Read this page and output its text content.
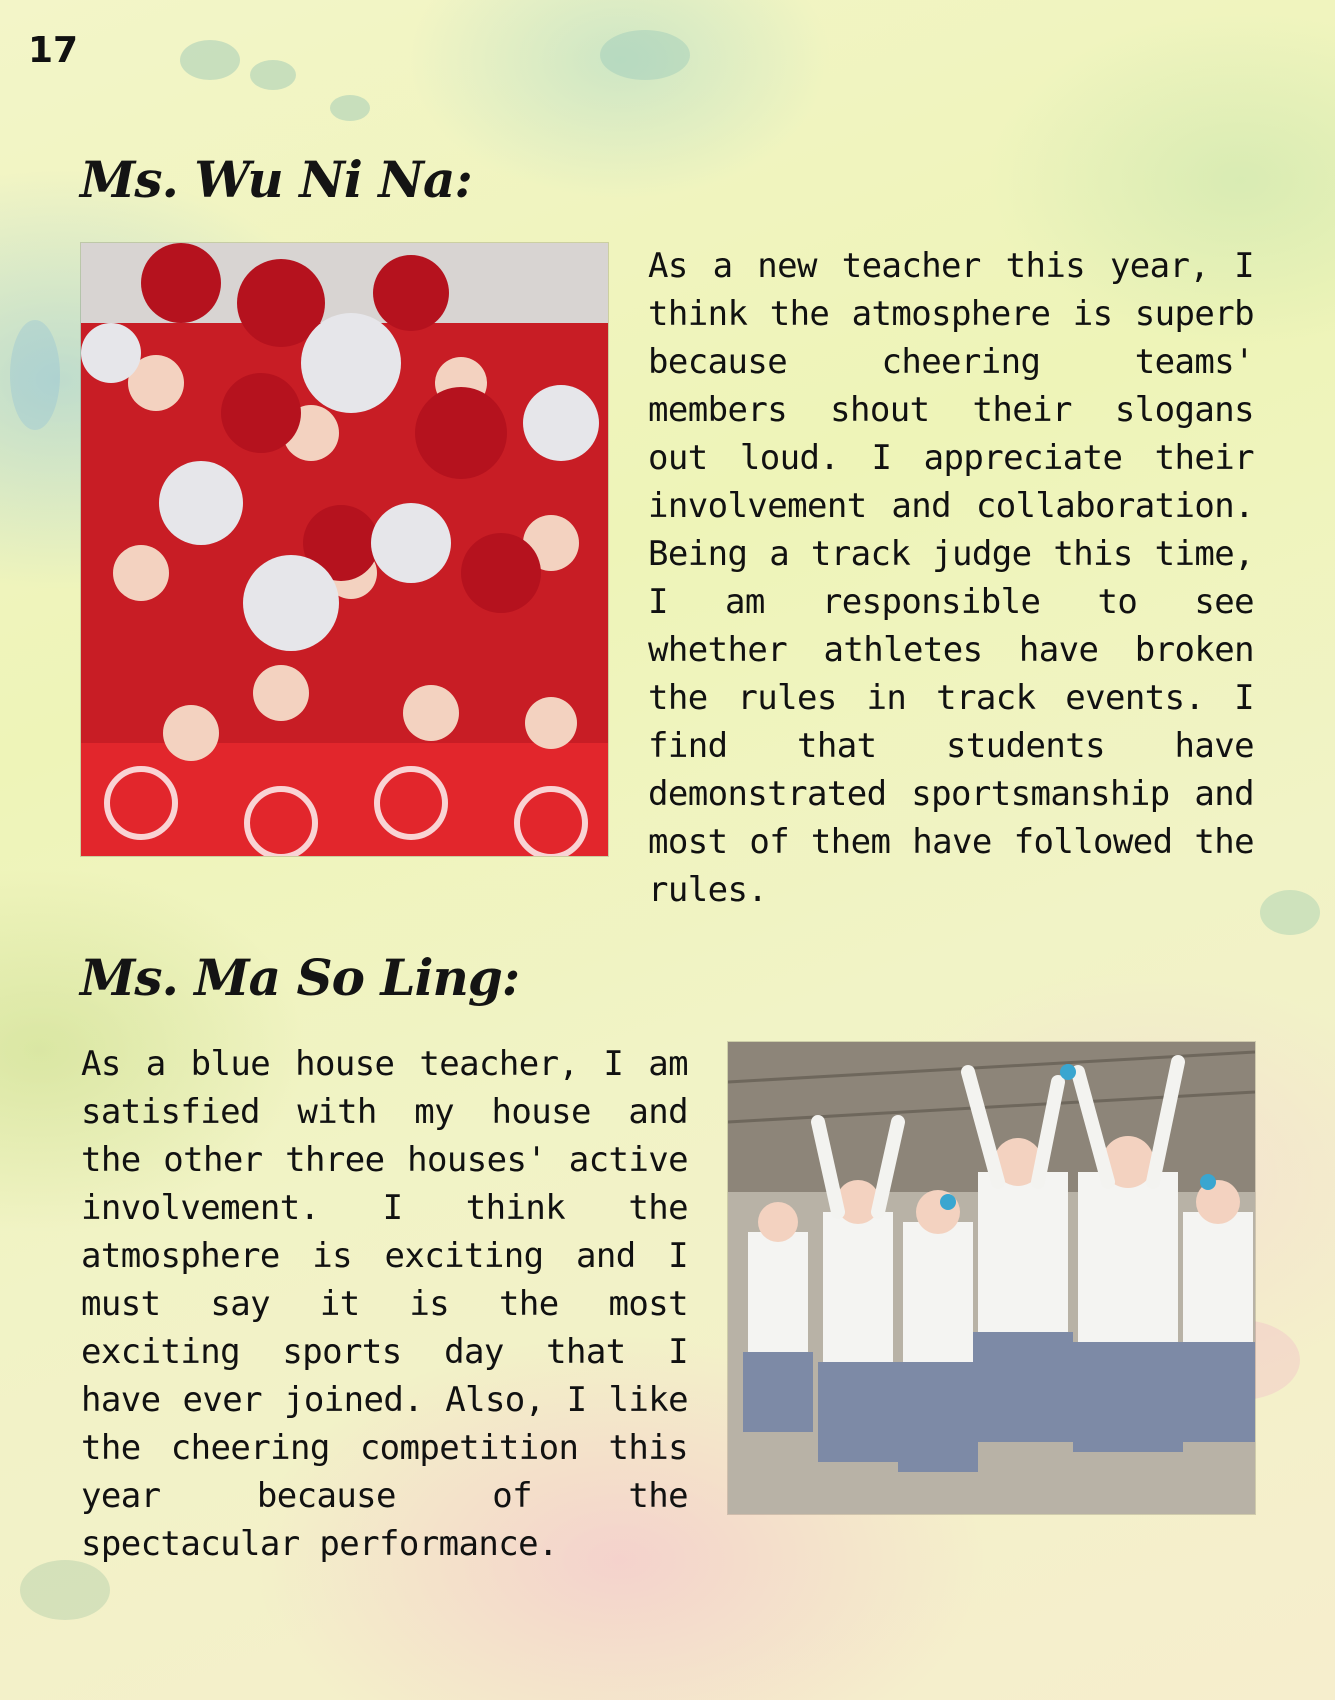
17
Ms. Wu Ni Na:

As a new teacher this year, I think the atmosphere is superb because cheering teams' members shout their slogans out loud. I appreciate their involvement and collaboration. Being a track judge this time, I am responsible to see whether athletes have broken the rules in track events. I find that students have demonstrated sportsmanship and most of them have followed the rules.

Ms. Ma So Ling:

As a blue house teacher, I am satisfied with my house and the other three houses' active involvement. I think the atmosphere is exciting and I must say it is the most exciting sports day that I have ever joined. Also, I like the cheering competition this year because of the spectacular performance.
